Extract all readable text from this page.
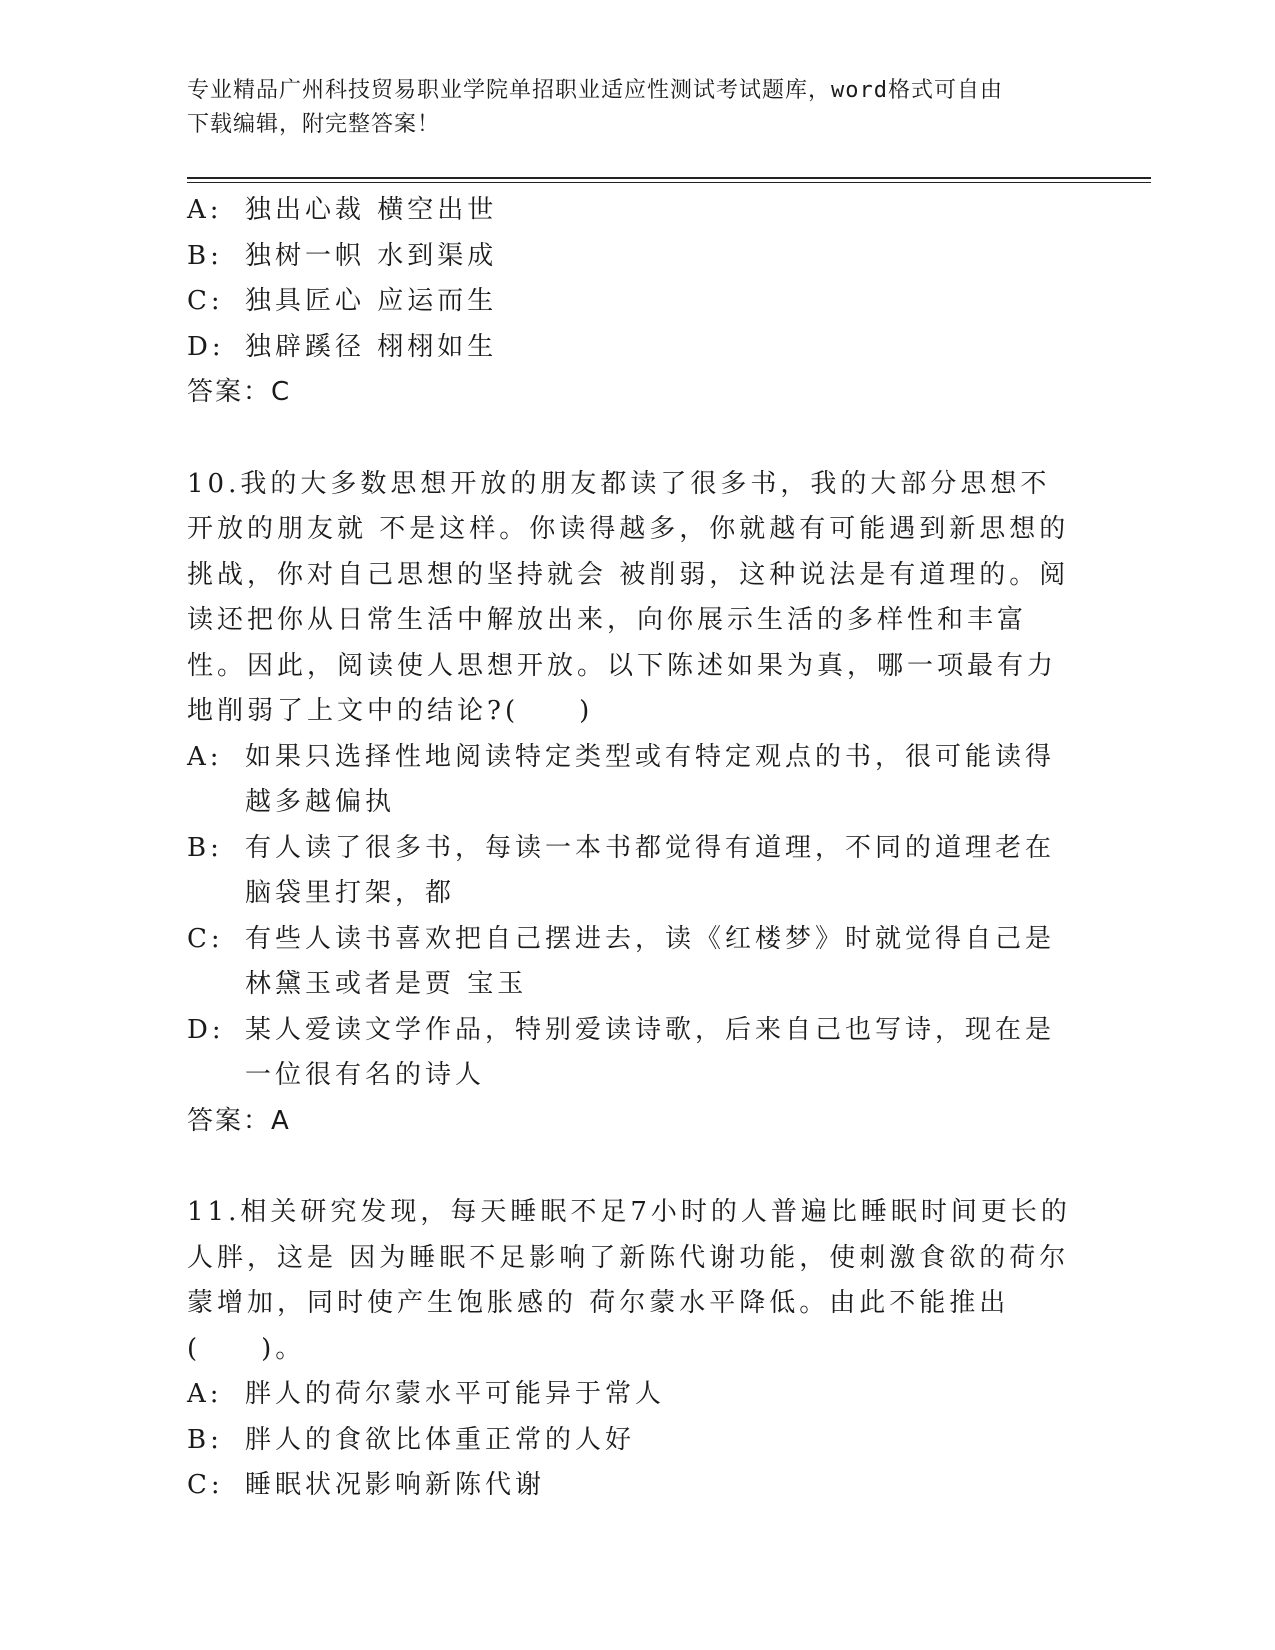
专业精品广州科技贸易职业学院单招职业适应性测试考试题库，word格式可自由
下载编辑，附完整答案！
A: 独出心裁 横空出世
B: 独树一帜 水到渠成
C: 独具匠心 应运而生
D: 独辟蹊径 栩栩如生
答案：C
10.我的大多数思想开放的朋友都读了很多书，我的大部分思想不开放的朋友就 不是这样。你读得越多，你就越有可能遇到新思想的挑战，你对自己思想的坚持就会 被削弱，这种说法是有道理的。阅读还把你从日常生活中解放出来，向你展示生活的多样性和丰富性。因此，阅读使人思想开放。以下陈述如果为真，哪一项最有力地削弱了上文中的结论?(　　)
A: 如果只选择性地阅读特定类型或有特定观点的书，很可能读得越多越偏执
B: 有人读了很多书，每读一本书都觉得有道理，不同的道理老在脑袋里打架，都
C: 有些人读书喜欢把自己摆进去，读《红楼梦》时就觉得自己是林黛玉或者是贾 宝玉
D: 某人爱读文学作品，特别爱读诗歌，后来自己也写诗，现在是一位很有名的诗人
答案：A
11.相关研究发现，每天睡眠不足7小时的人普遍比睡眠时间更长的人胖，这是 因为睡眠不足影响了新陈代谢功能，使刺激食欲的荷尔蒙增加，同时使产生饱胀感的 荷尔蒙水平降低。由此不能推出(　　)。
A: 胖人的荷尔蒙水平可能异于常人
B: 胖人的食欲比体重正常的人好
C: 睡眠状况影响新陈代谢
